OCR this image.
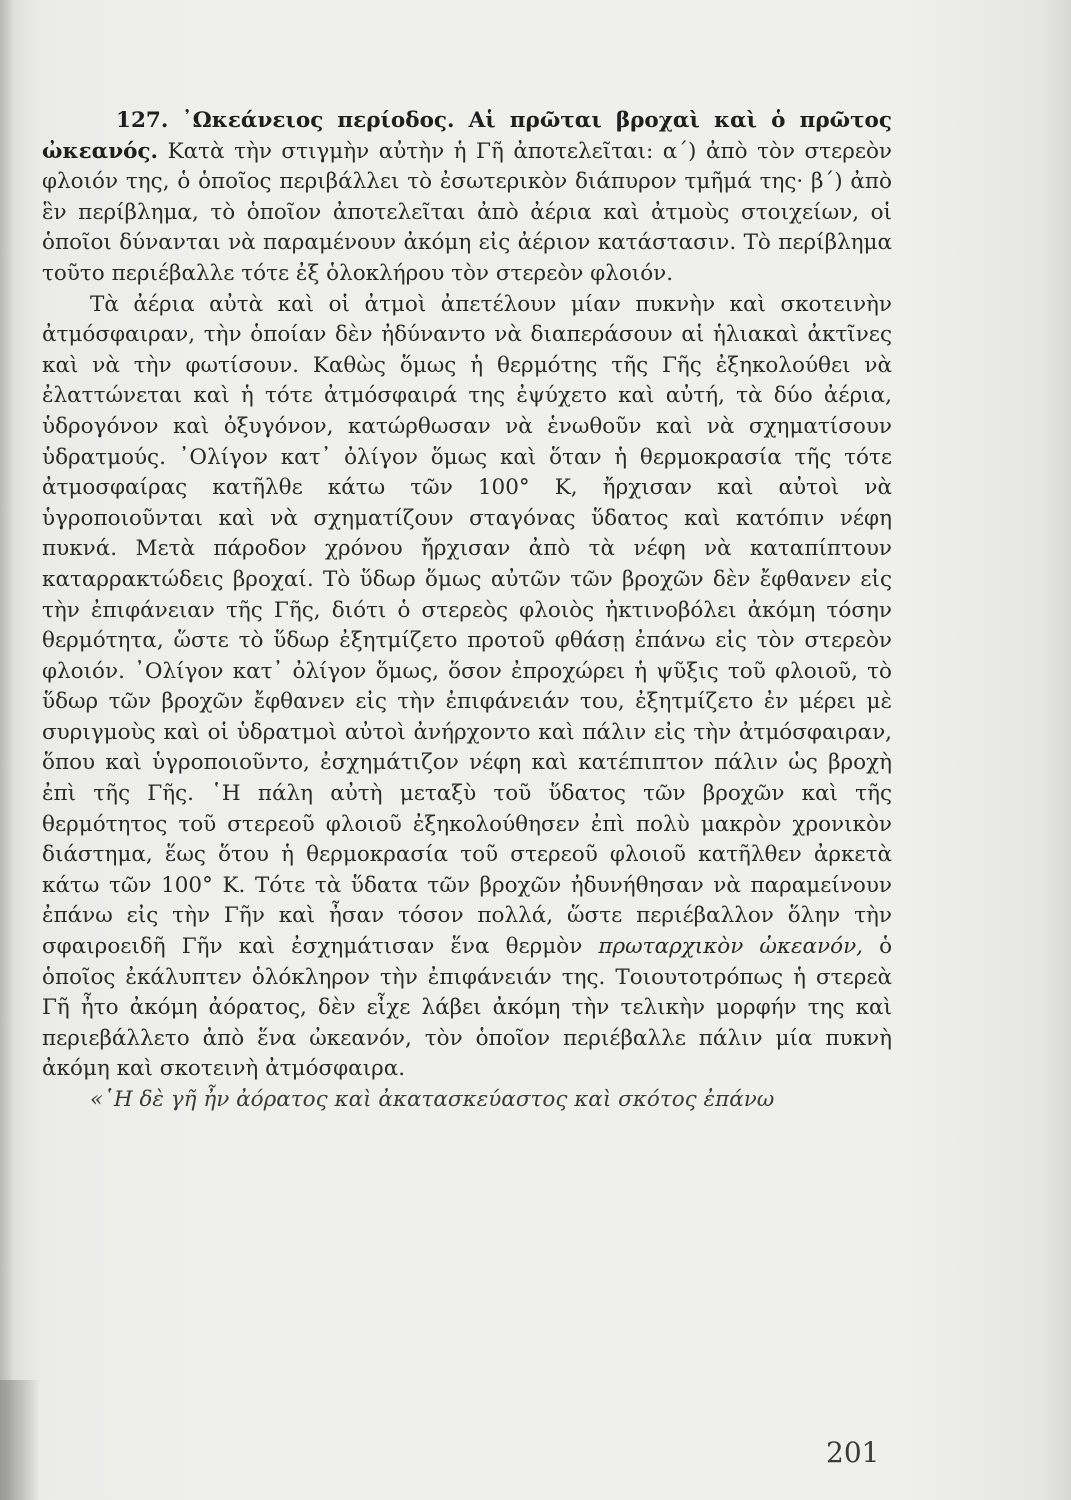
127. ᾽Ωκεάνειος περίοδος. Αἱ πρῶται βροχαὶ καὶ ὁ πρῶτος ὠκεανός. Κατὰ τὴν στιγμὴν αὐτὴν ἡ Γῆ ἀποτελεῖται: α΄) ἀπὸ τὸν στερεὸν φλοιόν της, ὁ ὁποῖος περιβάλλει τὸ ἐσωτερικὸν διάπυρον τμῆμά της· β΄) ἀπὸ ἓν περίβλημα, τὸ ὁποῖον ἀποτελεῖται ἀπὸ ἀέρια καὶ ἀτμοὺς στοιχείων, οἱ ὁποῖοι δύνανται νὰ παραμένουν ἀκόμη εἰς ἀέριον κατάστασιν. Τὸ περίβλημα τοῦτο περιέβαλλε τότε ἐξ ὁλοκλήρου τὸν στερεὸν φλοιόν.

Τὰ ἀέρια αὐτὰ καὶ οἱ ἀτμοὶ ἀπετέλουν μίαν πυκνὴν καὶ σκοτεινὴν ἀτμόσφαιραν, τὴν ὁποίαν δὲν ἠδύναντο νὰ διαπεράσουν αἱ ἡλιακαὶ ἀκτῖνες καὶ νὰ τὴν φωτίσουν. Καθὼς ὅμως ἡ θερμότης τῆς Γῆς ἐξηκολούθει νὰ ἐλαττώνεται καὶ ἡ τότε ἀτμόσφαιρά της ἐψύχετο καὶ αὐτή, τὰ δύο ἀέρια, ὑδρογόνον καὶ ὀξυγόνον, κατώρθωσαν νὰ ἑνωθοῦν καὶ νὰ σχηματίσουν ὑδρατμούς. ᾽Ολίγον κατ᾽ ὀλίγον ὅμως καὶ ὅταν ἡ θερμοκρασία τῆς τότε ἀτμοσφαίρας κατῆλθε κάτω τῶν 100° Κ, ἤρχισαν καὶ αὐτοὶ νὰ ὑγροποιοῦνται καὶ νὰ σχηματίζουν σταγόνας ὕδατος καὶ κατόπιν νέφη πυκνά. Μετὰ πάροδον χρόνου ἤρχισαν ἀπὸ τὰ νέφη νὰ καταπίπτουν καταρρακτώδεις βροχαί. Τὸ ὕδωρ ὅμως αὐτῶν τῶν βροχῶν δὲν ἔφθανεν εἰς τὴν ἐπιφάνειαν τῆς Γῆς, διότι ὁ στερεὸς φλοιὸς ἠκτινοβόλει ἀκόμη τόσην θερμότητα, ὥστε τὸ ὕδωρ ἐξητμίζετο προτοῦ φθάσῃ ἐπάνω εἰς τὸν στερεὸν φλοιόν. ᾽Ολίγον κατ᾽ ὀλίγον ὅμως, ὅσον ἐπροχώρει ἡ ψῦξις τοῦ φλοιοῦ, τὸ ὕδωρ τῶν βροχῶν ἔφθανεν εἰς τὴν ἐπιφάνειάν του, ἐξητμίζετο ἐν μέρει μὲ συριγμοὺς καὶ οἱ ὑδρατμοὶ αὐτοὶ ἀνήρχοντο καὶ πάλιν εἰς τὴν ἀτμόσφαιραν, ὅπου καὶ ὑγροποιοῦντο, ἐσχημάτιζον νέφη καὶ κατέπιπτον πάλιν ὡς βροχὴ ἐπὶ τῆς Γῆς. ῾Η πάλη αὐτὴ μεταξὺ τοῦ ὕδατος τῶν βροχῶν καὶ τῆς θερμότητος τοῦ στερεοῦ φλοιοῦ ἐξηκολούθησεν ἐπὶ πολὺ μακρὸν χρονικὸν διάστημα, ἕως ὅτου ἡ θερμοκρασία τοῦ στερεοῦ φλοιοῦ κατῆλθεν ἀρκετὰ κάτω τῶν 100° Κ. Τότε τὰ ὕδατα τῶν βροχῶν ἠδυνήθησαν νὰ παραμείνουν ἐπάνω εἰς τὴν Γῆν καὶ ἦσαν τόσον πολλά, ὥστε περιέβαλλον ὅλην τὴν σφαιροειδῆ Γῆν καὶ ἐσχημάτισαν ἕνα θερμὸν πρωταρχικὸν ὠκεανόν, ὁ ὁποῖος ἐκάλυπτεν ὁλόκληρον τὴν ἐπιφάνειάν της. Τοιουτοτρόπως ἡ στερεὰ Γῆ ἦτο ἀκόμη ἀόρατος, δὲν εἶχε λάβει ἀκόμη τὴν τελικὴν μορφήν της καὶ περιεβάλλετο ἀπὸ ἕνα ὠκεανόν, τὸν ὁποῖον περιέβαλλε πάλιν μία πυκνὴ ἀκόμη καὶ σκοτεινὴ ἀτμόσφαιρα.

«῾Η δὲ γῆ ἦν ἀόρατος καὶ ἀκατασκεύαστος καὶ σκότος ἐπάνω

201
